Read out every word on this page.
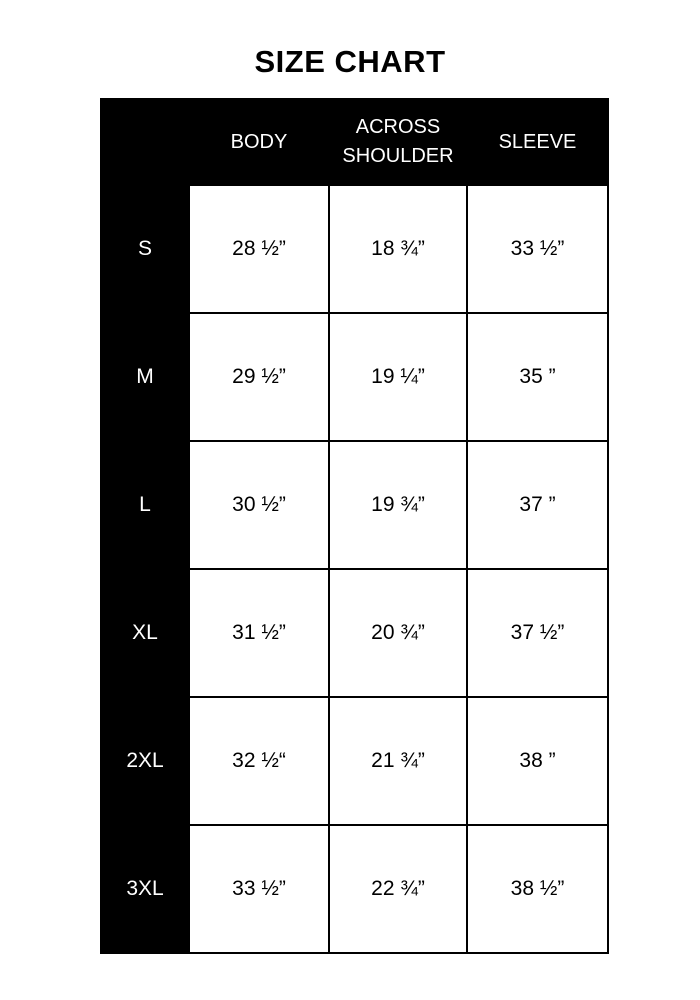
SIZE CHART
	BODY	ACROSS SHOULDER	SLEEVE
S	28 ½”	18 ¾”	33 ½”
M	29 ½”	19 ¼”	35 ”
L	30 ½”	19 ¾”	37 ”
XL	31 ½”	20 ¾”	37 ½”
2XL	32 ½“	21 ¾”	38 ”
3XL	33 ½”	22 ¾”	38 ½”
